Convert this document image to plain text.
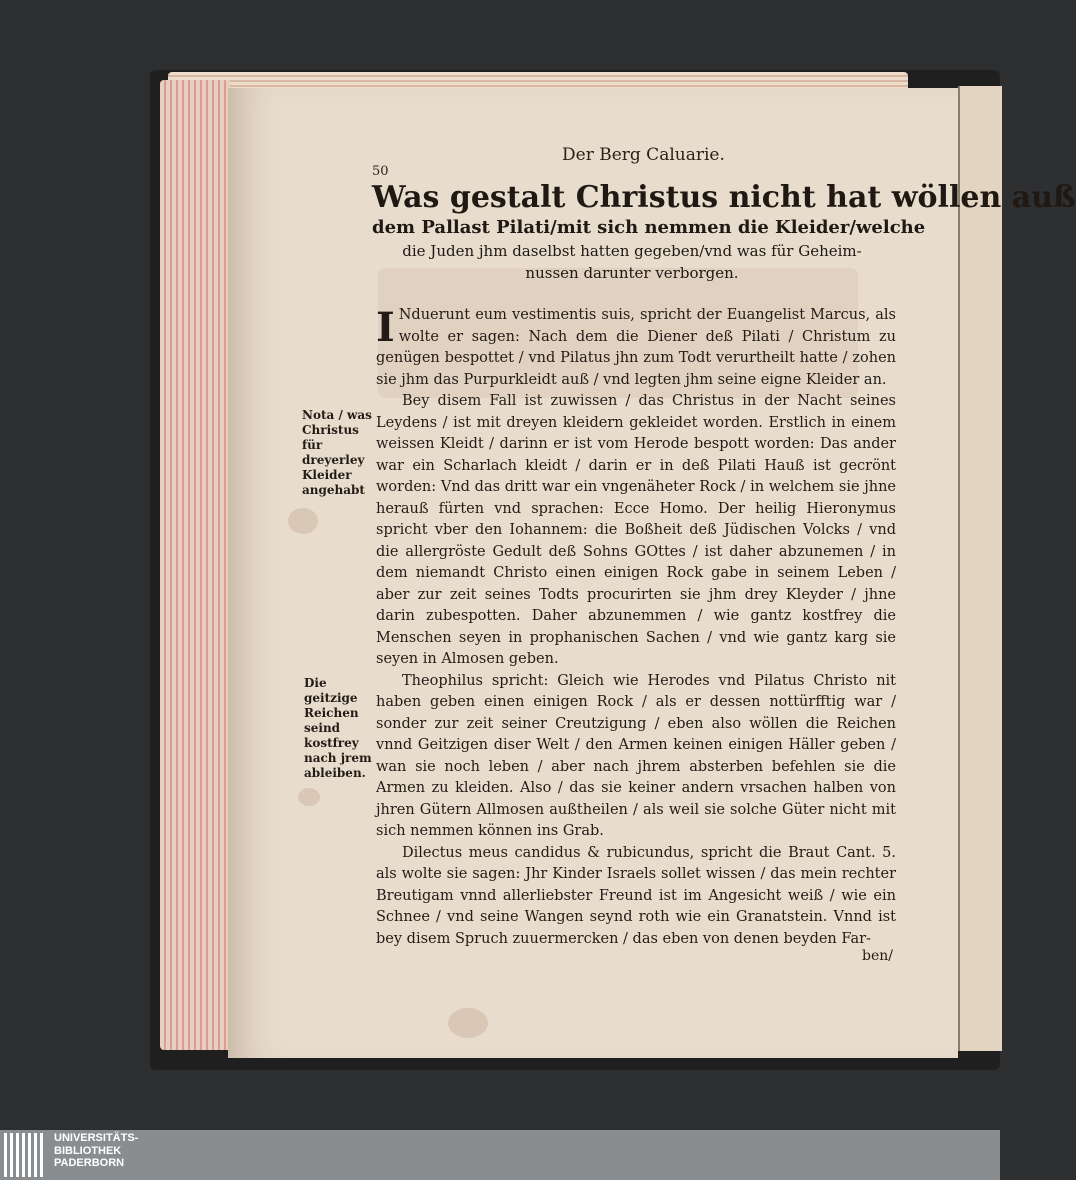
50
Der Berg Caluarie.
Was gestalt Christus nicht hat wöllen auß
dem Pallast Pilati/mit sich nemmen die Kleider/welche
die Juden jhm daselbst hatten gegeben/vnd was für Geheim-
nussen darunter verborgen.

I Nduerunt eum vestimentis suis, spricht der Euangelist Marcus, als wolte er sagen: Nach dem die Diener deß Pilati / Christum zu genügen bespottet / vnd Pilatus jhn zum Todt verurtheilt hatte / zohen sie jhm das Purpurkleidt auß / vnd legten jhm seine eigne Kleider an.

Bey disem Fall ist zuwissen / das Christus in der Nacht seines Leydens / ist mit dreyen kleidern gekleidet worden. Erstlich in einem weissen Kleidt / darinn er ist vom Herode bespott worden: Das ander war ein Scharlach kleidt / darin er in deß Pilati Hauß ist gecrönt worden: Vnd das dritt war ein vngenäheter Rock / in welchem sie jhne herauß fürten vnd sprachen: Ecce Homo. Der heilig Hieronymus spricht vber den Iohannem: die Boßheit deß Jüdischen Volcks / vnd die allergröste Gedult deß Sohns GOttes / ist daher abzunemen / in dem niemandt Christo einen einigen Rock gabe in seinem Leben / aber zur zeit seines Todts procurirten sie jhm drey Kleyder / jhne darin zubespotten. Daher abzunemmen / wie gantz kostfrey die Menschen seyen in prophanischen Sachen / vnd wie gantz karg sie seyen in Almosen geben.

Theophilus spricht: Gleich wie Herodes vnd Pilatus Christo nit haben geben einen einigen Rock / als er dessen nottürfftig war / sonder zur zeit seiner Creutzigung / eben also wöllen die Reichen vnnd Geitzigen diser Welt / den Armen keinen einigen Häller geben / wan sie noch leben / aber nach jhrem absterben befehlen sie die Armen zu kleiden. Also / das sie keiner andern vrsachen halben von jhren Gütern Allmosen außtheilen / als weil sie solche Güter nicht mit sich nemmen können ins Grab.

Dilectus meus candidus & rubicundus, spricht die Braut Cant. 5. als wolte sie sagen: Jhr Kinder Israels sollet wissen / das mein rechter Breutigam vnnd allerliebster Freund ist im Angesicht weiß / wie ein Schnee / vnd seine Wangen seynd roth wie ein Granatstein. Vnnd ist bey disem Spruch zuuermercken / das eben von denen beyden Far-

Nota / was Christus für dreyerley Kleider angehabt
Die geitzige Reichen seind kostfrey nach jrem ableiben.
ben/
UNIVERSITÄTS-
BIBLIOTHEK
PADERBORN
